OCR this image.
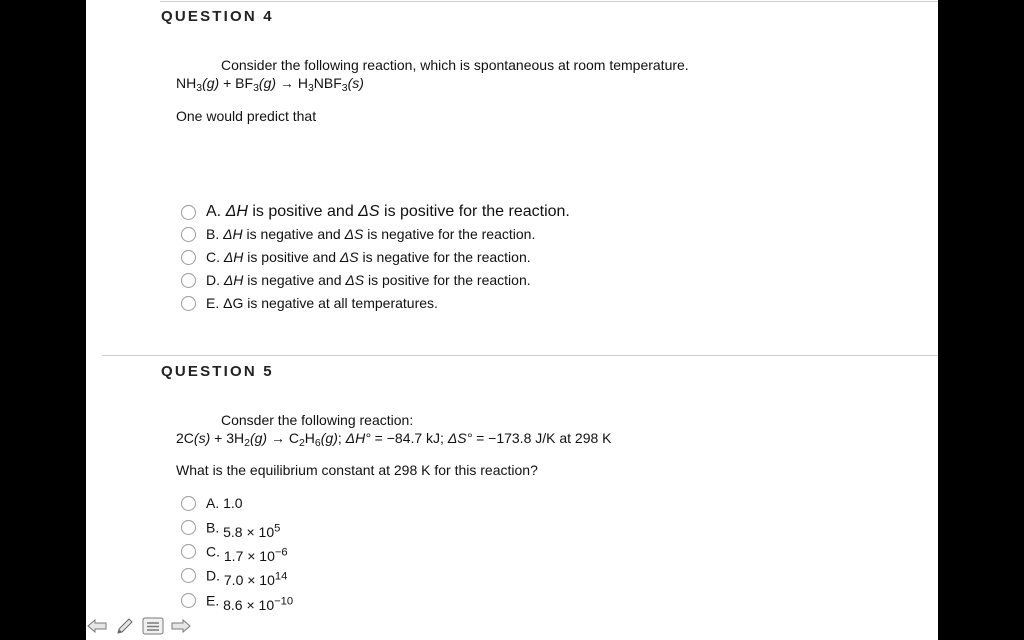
QUESTION 4
Consider the following reaction, which is spontaneous at room temperature.
$NH_3(g) + BF_3(g) \to H_3NBF_3(s)$
One would predict that
A. ΔH is positive and ΔS is positive for the reaction.
B. ΔH is negative and ΔS is negative for the reaction.
C. ΔH is positive and ΔS is negative for the reaction.
D. ΔH is negative and ΔS is positive for the reaction.
E. ΔG is negative at all temperatures.
QUESTION 5
Consder the following reaction:
$2C(s) + 3H_2(g) \to C_2H_6(g)$; ΔH° = −84.7 kJ; ΔS° = −173.8 J/K at 298 K
What is the equilibrium constant at 298 K for this reaction?
A. 1.0
B. $5.8 \times 10^5$
C. $1.7 \times 10^{-6}$
D. $7.0 \times 10^{14}$
E. $8.6 \times 10^{-10}$
